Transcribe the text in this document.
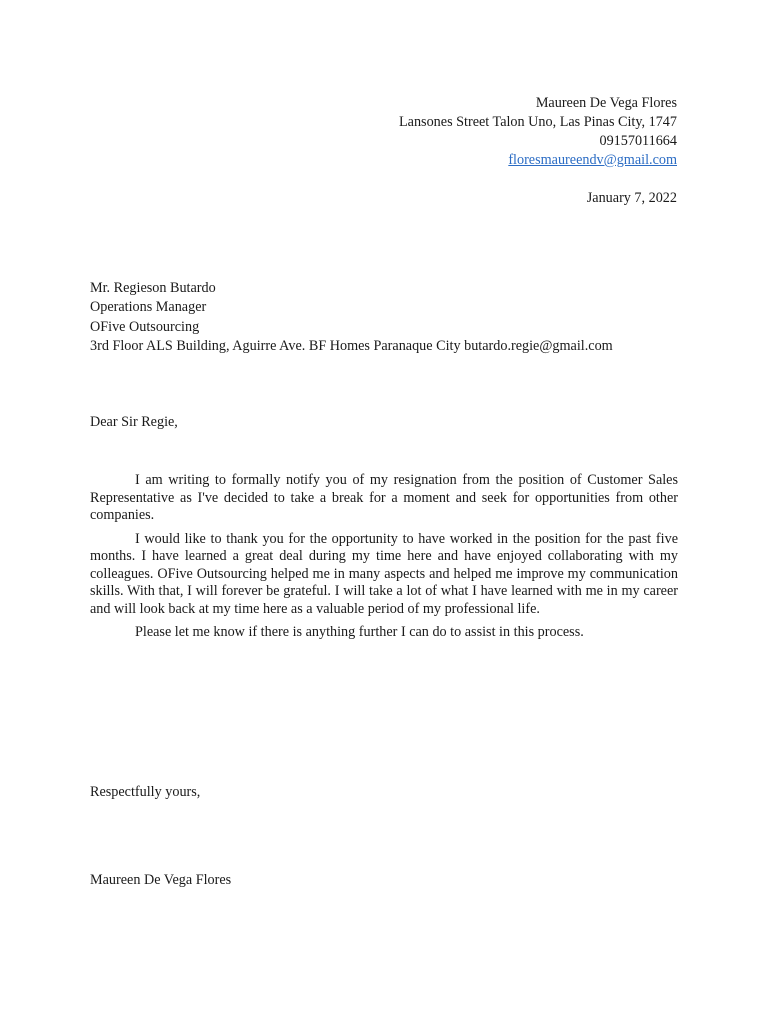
Maureen De Vega Flores
Lansones Street Talon Uno, Las Pinas City, 1747
09157011664
floresmaureendv@gmail.com
January 7, 2022
Mr. Regieson Butardo
Operations Manager
OFive Outsourcing
3rd Floor ALS Building, Aguirre Ave. BF Homes Paranaque City butardo.regie@gmail.com
Dear Sir Regie,

I am writing to formally notify you of my resignation from the position of Customer Sales Representative as I've decided to take a break for a moment and seek for opportunities from other companies.

I would like to thank you for the opportunity to have worked in the position for the past five months. I have learned a great deal during my time here and have enjoyed collaborating with my colleagues. OFive Outsourcing helped me in many aspects and helped me improve my communication skills. With that, I will forever be grateful. I will take a lot of what I have learned with me in my career and will look back at my time here as a valuable period of my professional life.

Please let me know if there is anything further I can do to assist in this process.

Respectfully yours,
Maureen De Vega Flores
